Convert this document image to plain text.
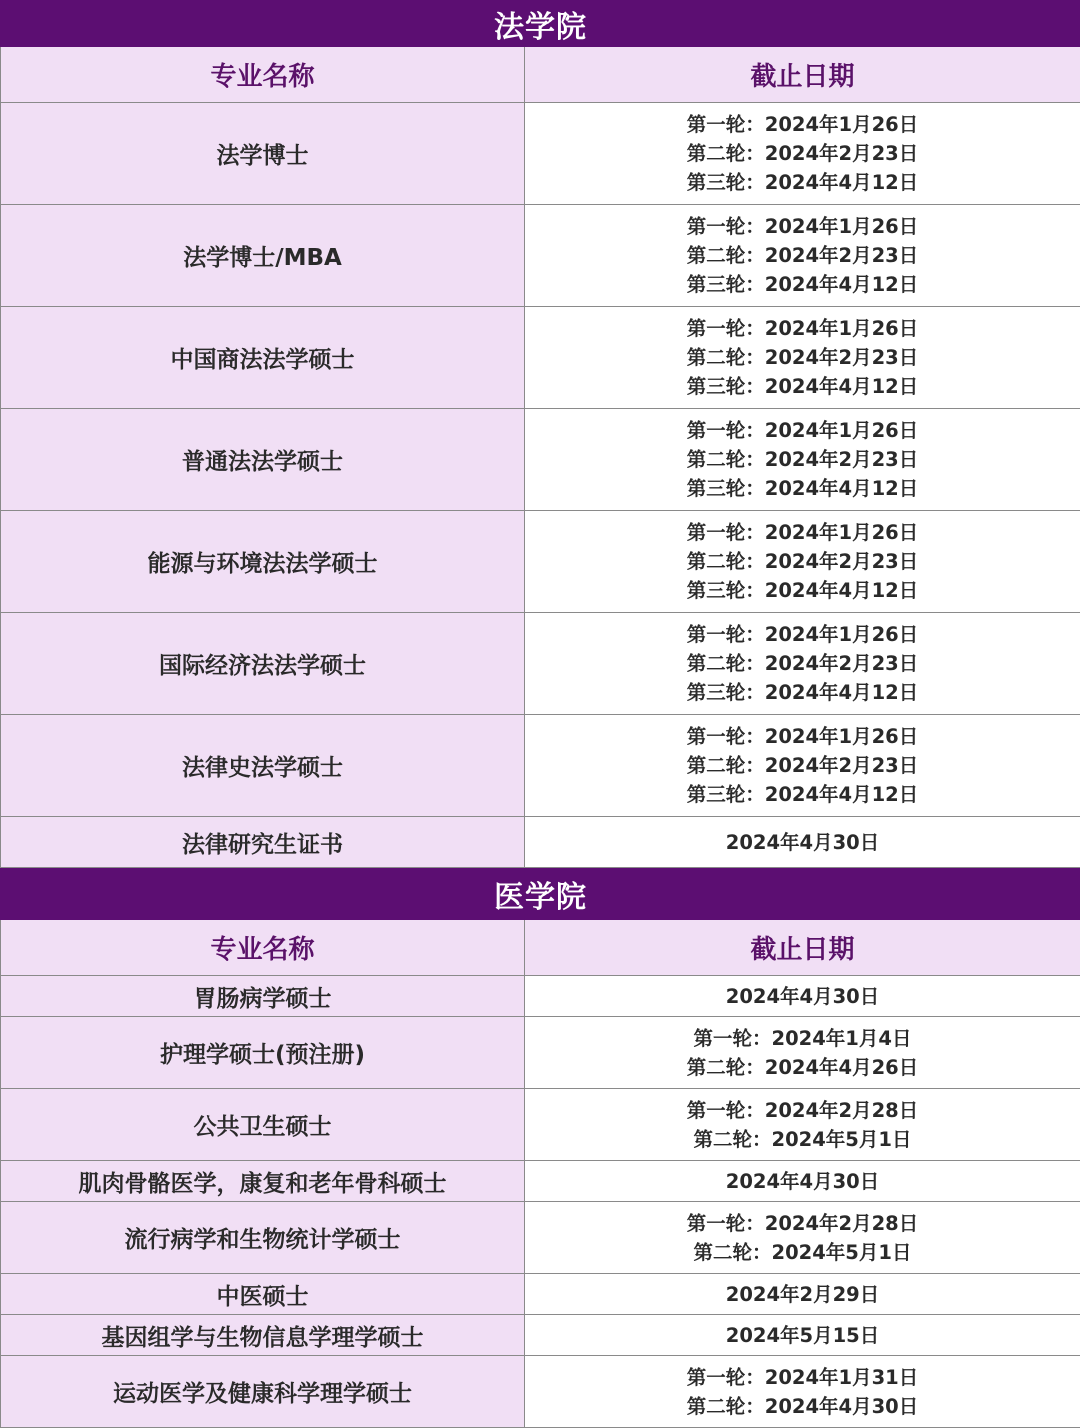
法学院	
专业名称	截止日期
法学博士	第一轮：2024年1月26日
第二轮：2024年2月23日
第三轮：2024年4月12日

法学博士/MBA	第一轮：2024年1月26日
第二轮：2024年2月23日
第三轮：2024年4月12日

中国商法法学硕士	第一轮：2024年1月26日
第二轮：2024年2月23日
第三轮：2024年4月12日

普通法法学硕士	第一轮：2024年1月26日
第二轮：2024年2月23日
第三轮：2024年4月12日

能源与环境法法学硕士	第一轮：2024年1月26日
第二轮：2024年2月23日
第三轮：2024年4月12日

国际经济法法学硕士	第一轮：2024年1月26日
第二轮：2024年2月23日
第三轮：2024年4月12日

法律史法学硕士	第一轮：2024年1月26日
第二轮：2024年2月23日
第三轮：2024年4月12日

法律研究生证书	2024年4月30日

医学院	
专业名称	截止日期
胃肠病学硕士	2024年4月30日

护理学硕士(预注册)	第一轮：2024年1月4日
第二轮：2024年4月26日

公共卫生硕士	第一轮：2024年2月28日
第二轮：2024年5月1日

肌肉骨骼医学，康复和老年骨科硕士	2024年4月30日

流行病学和生物统计学硕士	第一轮：2024年2月28日
第二轮：2024年5月1日

中医硕士	2024年2月29日

基因组学与生物信息学理学硕士	2024年5月15日

运动医学及健康科学理学硕士	第一轮：2024年1月31日
第二轮：2024年4月30日
